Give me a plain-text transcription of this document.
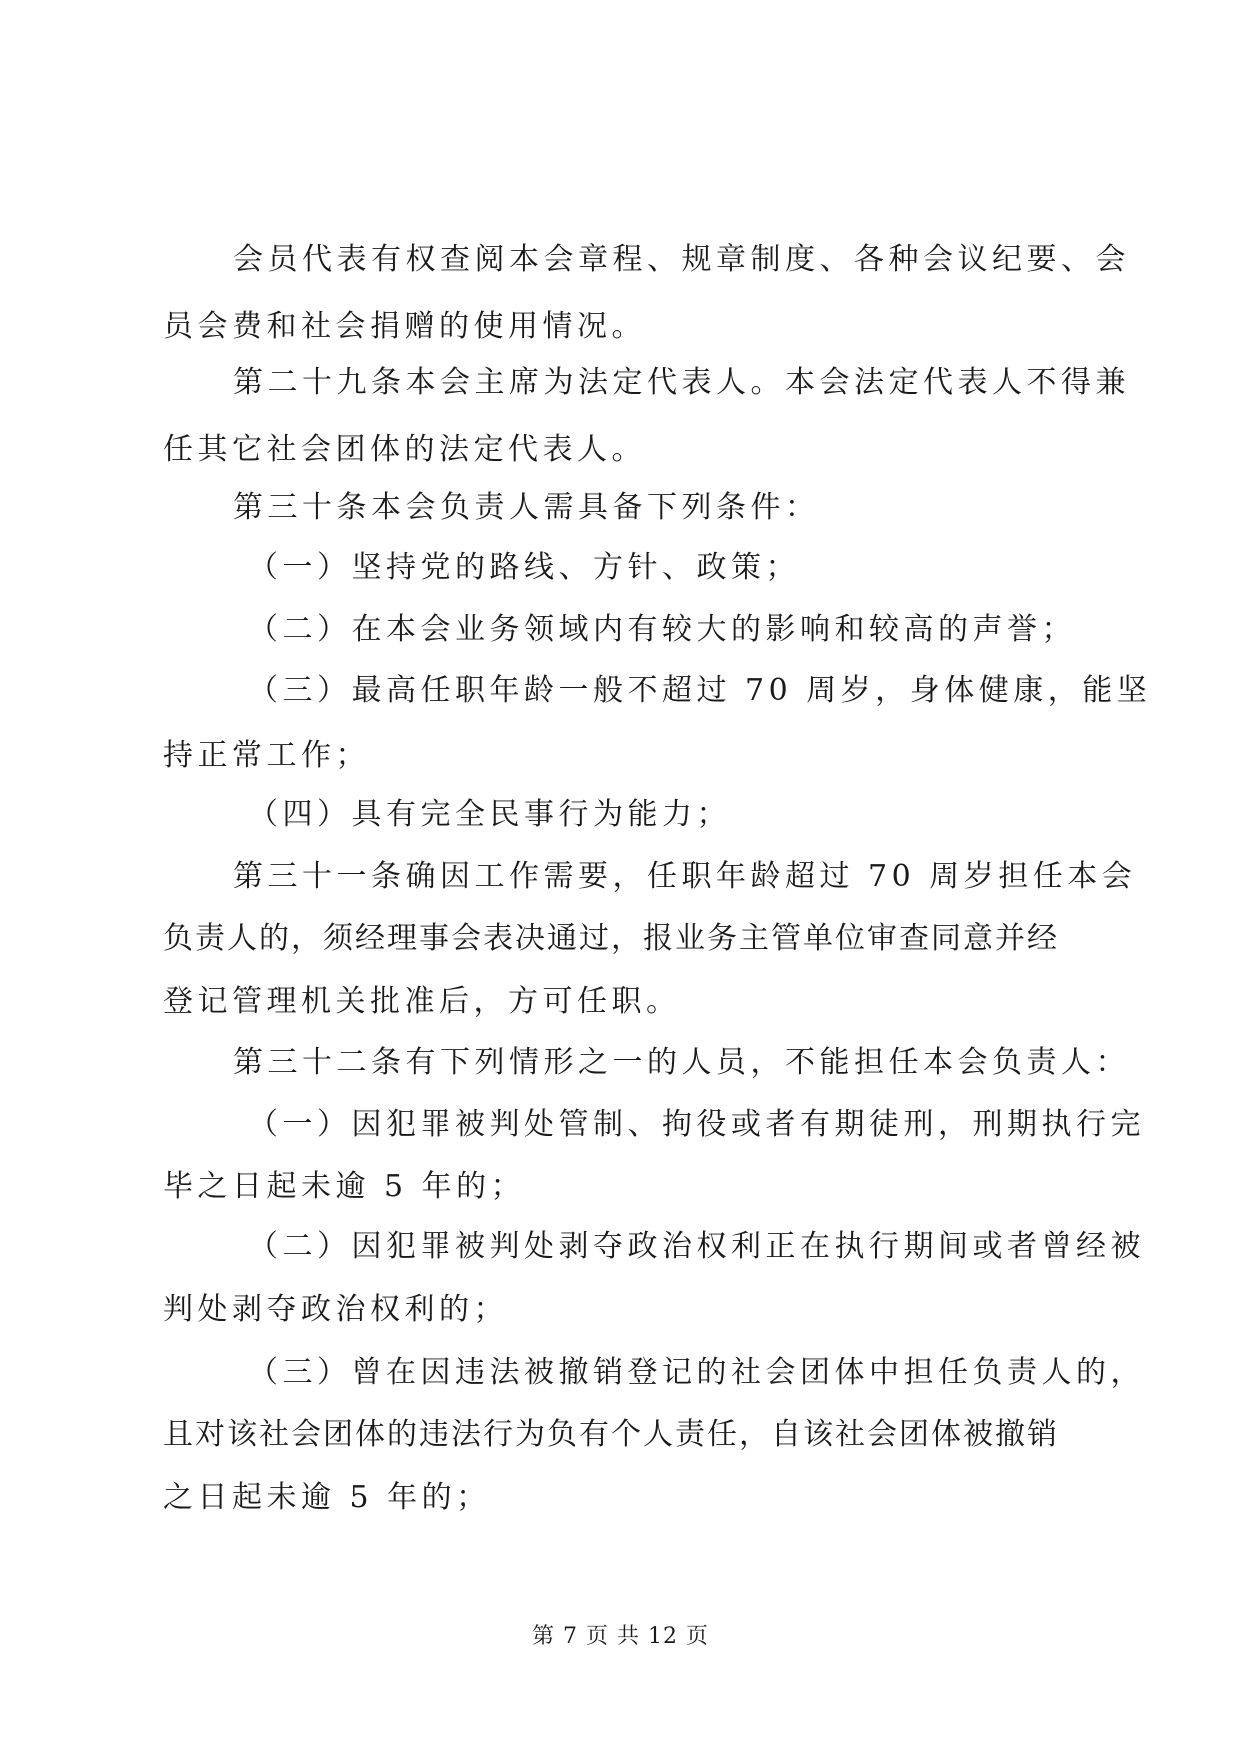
会员代表有权查阅本会章程、规章制度、各种会议纪要、会

员会费和社会捐赠的使用情况。

第二十九条本会主席为法定代表人。本会法定代表人不得兼

任其它社会团体的法定代表人。

第三十条本会负责人需具备下列条件：

（一）坚持党的路线、方针、政策；

（二）在本会业务领域内有较大的影响和较高的声誉；

（三）最高任职年龄一般不超过 70 周岁，身体健康，能坚

持正常工作；

（四）具有完全民事行为能力；

第三十一条确因工作需要，任职年龄超过 70 周岁担任本会

负责人的，须经理事会表决通过，报业务主管单位审查同意并经

登记管理机关批准后，方可任职。

第三十二条有下列情形之一的人员，不能担任本会负责人：

（一）因犯罪被判处管制、拘役或者有期徒刑，刑期执行完

毕之日起未逾 5 年的；

（二）因犯罪被判处剥夺政治权利正在执行期间或者曾经被

判处剥夺政治权利的；

（三）曾在因违法被撤销登记的社会团体中担任负责人的，

且对该社会团体的违法行为负有个人责任，自该社会团体被撤销

之日起未逾 5 年的；

第 7 页 共 12 页
